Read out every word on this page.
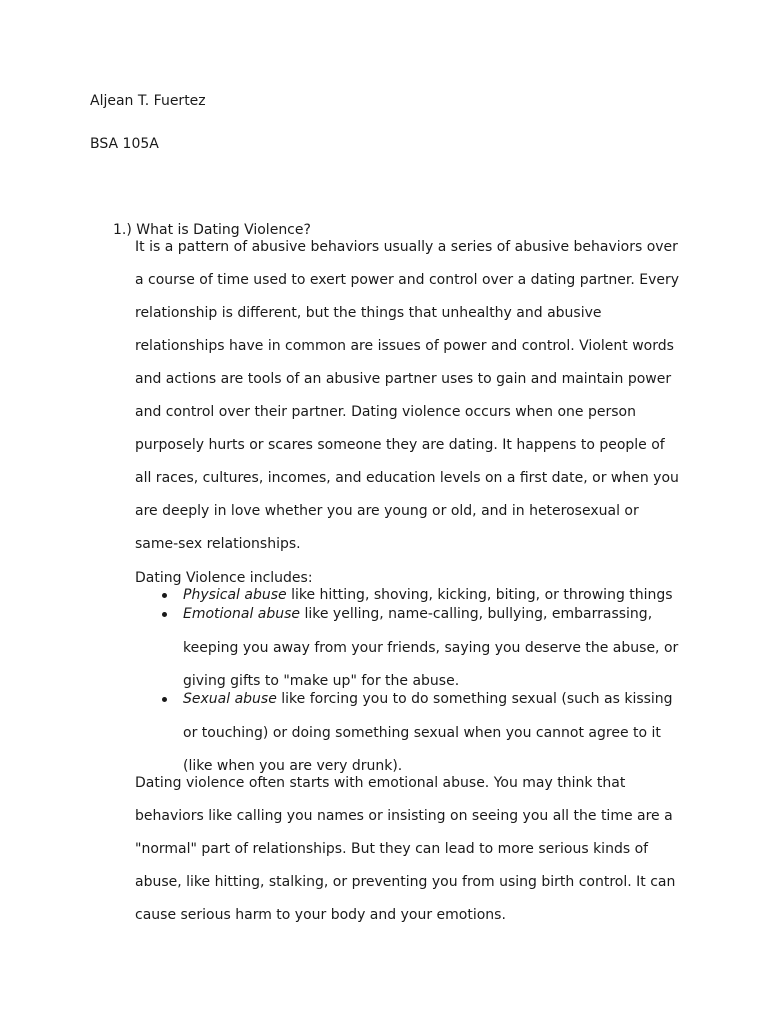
Aljean T. Fuertez
BSA 105A
1.) What is Dating Violence?
It is a pattern of abusive behaviors usually a series of abusive behaviors over
a course of time used to exert power and control over a dating partner. Every
relationship is different, but the things that unhealthy and abusive
relationships have in common are issues of power and control. Violent words
and actions are tools of an abusive partner uses to gain and maintain power
and control over their partner. Dating violence occurs when one person
purposely hurts or scares someone they are dating. It happens to people of
all races, cultures, incomes, and education levels on a first date, or when you
are deeply in love whether you are young or old, and in heterosexual or
same-sex relationships.
Dating Violence includes:
Physical abuse like hitting, shoving, kicking, biting, or throwing things
Emotional abuse like yelling, name-calling, bullying, embarrassing,
keeping you away from your friends, saying you deserve the abuse, or
giving gifts to "make up" for the abuse.
Sexual abuse like forcing you to do something sexual (such as kissing
or touching) or doing something sexual when you cannot agree to it
(like when you are very drunk).
Dating violence often starts with emotional abuse. You may think that
behaviors like calling you names or insisting on seeing you all the time are a
"normal" part of relationships. But they can lead to more serious kinds of
abuse, like hitting, stalking, or preventing you from using birth control. It can
cause serious harm to your body and your emotions.
